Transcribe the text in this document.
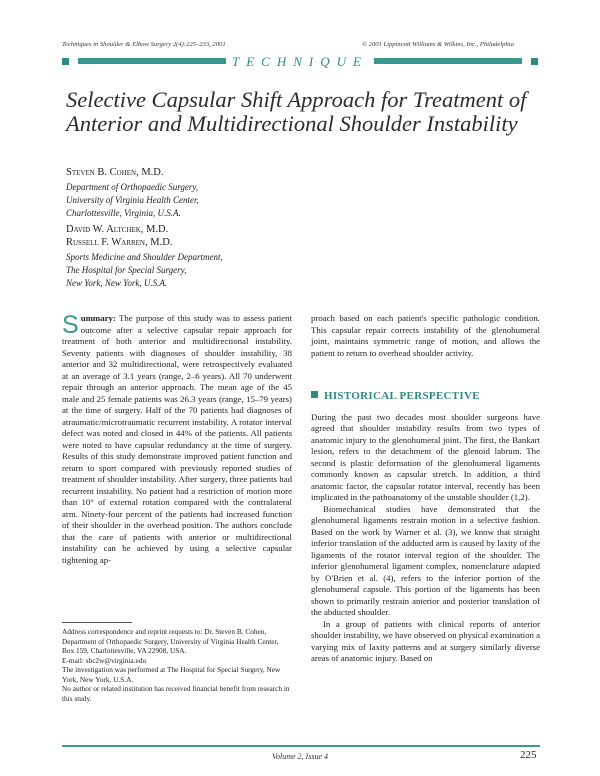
Techniques in Shoulder & Elbow Surgery 2(4):225–233, 2001	© 2001 Lippincott Williams & Wilkins, Inc., Philadelphia
TECHNIQUE
Selective Capsular Shift Approach for Treatment of Anterior and Multidirectional Shoulder Instability
Steven B. Cohen, M.D.
Department of Orthopaedic Surgery,
University of Virginia Health Center,
Charlottesville, Virginia, U.S.A.
David W. Altchek, M.D.
Russell F. Warren, M.D.
Sports Medicine and Shoulder Department,
The Hospital for Special Surgery,
New York, New York, U.S.A.

Summary: The purpose of this study was to assess patient outcome after a selective capsular repair approach for treatment of both anterior and multidirectional instability. Seventy patients with diagnoses of shoulder instability, 38 anterior and 32 multidirectional, were retrospectively evaluated at an average of 3.1 years (range, 2–6 years). All 70 underwent repair through an anterior approach. The mean age of the 45 male and 25 female patients was 26.3 years (range, 15–79 years) at the time of surgery. Half of the 70 patients had diagnoses of atraumatic/microtraumatic recurrent instability. A rotator interval defect was noted and closed in 44% of the patients. All patients were noted to have capsular redundancy at the time of surgery. Results of this study demonstrate improved patient function and return to sport compared with previously reported studies of treatment of shoulder instability. After surgery, three patients had recurrent instability. No patient had a restriction of motion more than 10° of external rotation compared with the contralateral arm. Ninety-four percent of the patients had increased function of their shoulder in the overhead position. The authors conclude that the care of patients with anterior or multidirectional instability can be achieved by using a selective capsular tightening ap-

Address correspondence and reprint requests to: Dr. Steven B. Cohen, Department of Orthopaedic Surgery, University of Virginia Health Center, Box 159, Charlottesville, VA 22908, USA.

E-mail: sbc2w@virginia.edu

The investigation was performed at The Hospital for Special Surgery, New York, New York, U.S.A.

No author or related institution has received financial benefit from research in this study.

proach based on each patient's specific pathologic condition. This capsular repair corrects instability of the glenohumeral joint, maintains symmetric range of motion, and allows the patient to return to overhead shoulder activity.

HISTORICAL PERSPECTIVE

During the past two decades most shoulder surgeons have agreed that shoulder instability results from two types of anatomic injury to the glenohumeral joint. The first, the Bankart lesion, refers to the detachment of the glenoid labrum. The second is plastic deformation of the glenohumeral ligaments commonly known as capsular stretch. In addition, a third anatomic factor, the capsular rotator interval, recently has been implicated in the pathoanatomy of the unstable shoulder (1,2).

Biomechanical studies have demonstrated that the glenohumeral ligaments restrain motion in a selective fashion. Based on the work by Warner et al. (3), we know that straight inferior translation of the adducted arm is caused by laxity of the ligaments of the rotator interval region of the shoulder. The inferior glenohumeral ligament complex, nomenclature adapted by O'Brien et al. (4), refers to the inferior portion of the glenohumeral capsule. This portion of the ligaments has been shown to primarily restrain anterior and posterior translation of the abducted shoulder.

In a group of patients with clinical reports of anterior shoulder instability, we have observed on physical examination a varying mix of laxity patterns and at surgery similarly diverse areas of anatomic injury. Based on

Volume 2, Issue 4	225
